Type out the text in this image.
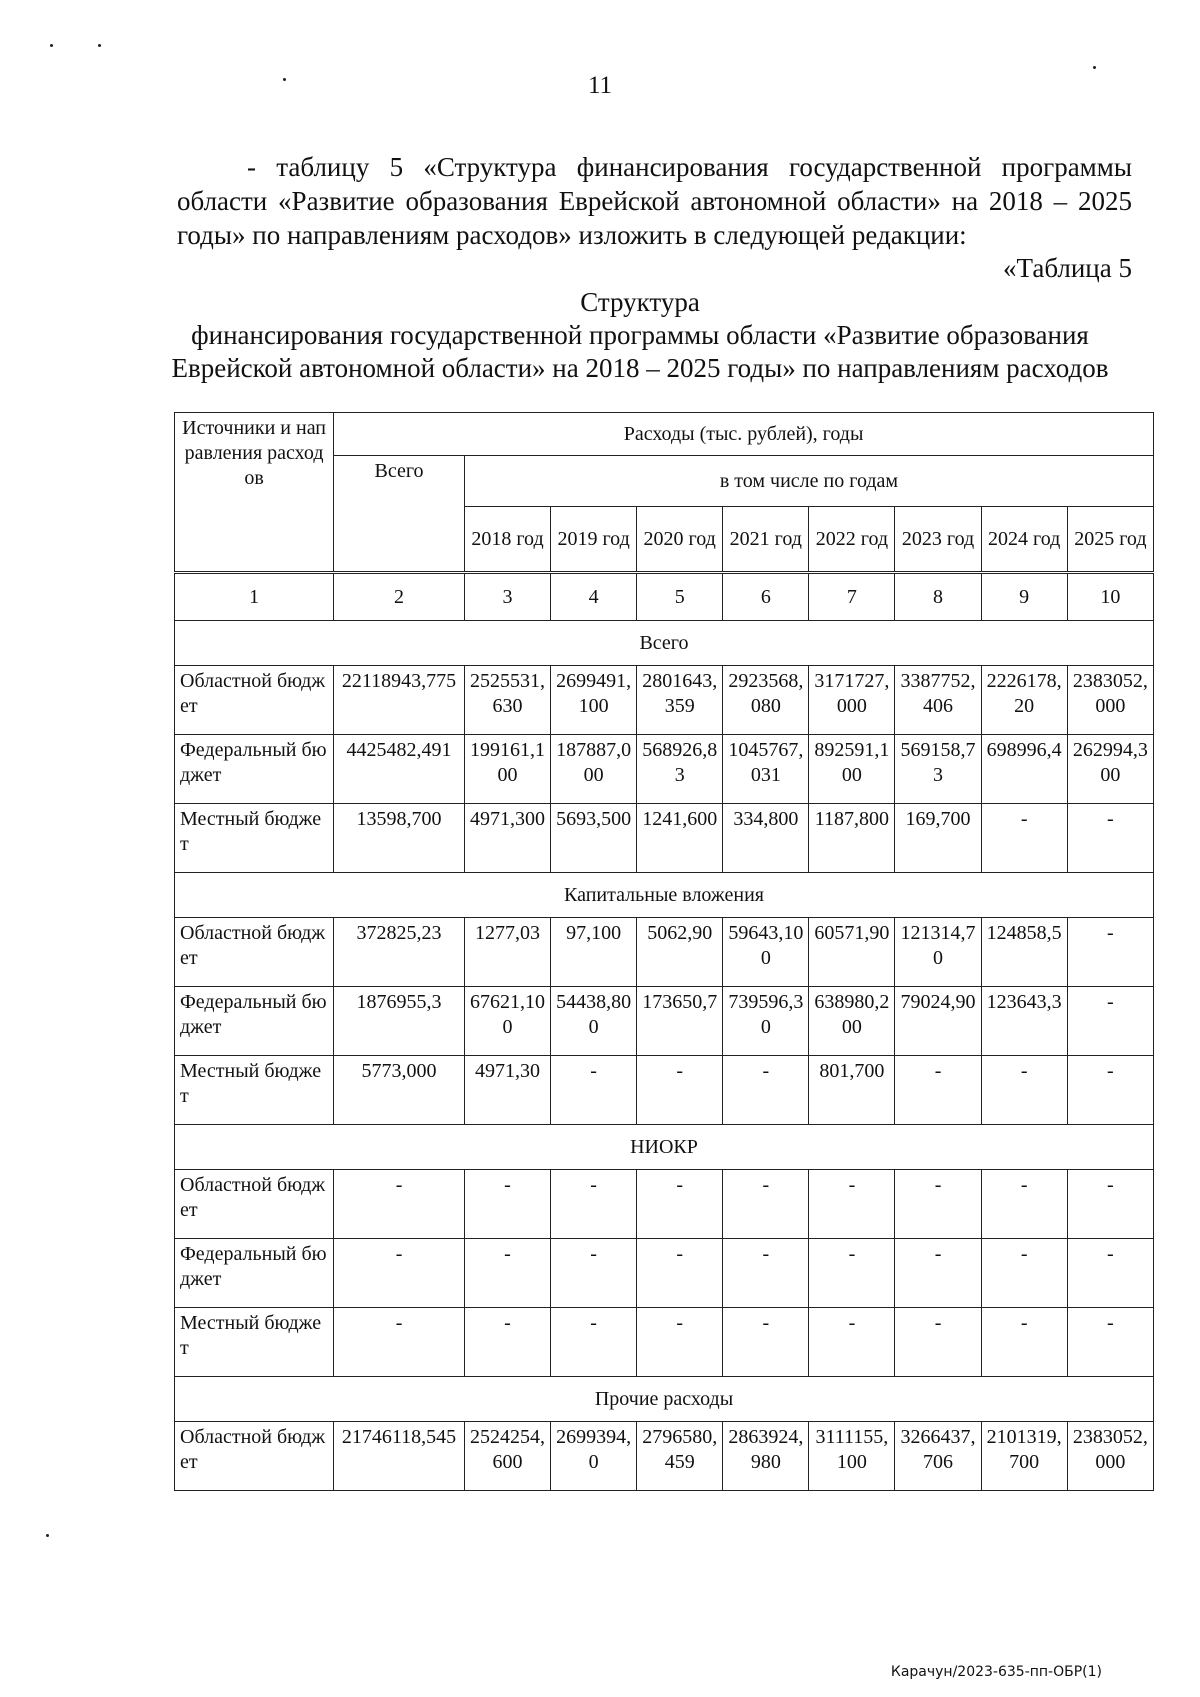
11
- таблицу 5 «Структура финансирования государственной программы области «Развитие образования Еврейской автономной области» на 2018 – 2025 годы» по направлениям расходов» изложить в следующей редакции:
«Таблица 5
Структура
финансирования государственной программы области «Развитие образования Еврейской автономной области» на 2018 – 2025 годы» по направлениям расходов
Источники и направления расходов	Расходы (тыс. рублей), годы								
	Всего	в том числе по годам							
		2018 год	2019 год	2020 год	2021 год	2022 год	2023 год	2024 год	2025 год
1	2	3	4	5	6	7	8	9	10
Всего									
Областной бюджет	22118943,775	2525531,630	2699491,100	2801643,359	2923568,080	3171727,000	3387752,406	2226178,20	2383052,000
Федеральный бюджет	4425482,491	199161,100	187887,000	568926,83	1045767,031	892591,100	569158,73	698996,4	262994,300
Местный бюджет	13598,700	4971,300	5693,500	1241,600	334,800	1187,800	169,700	-	-
Капитальные вложения									
Областной бюджет	372825,23	1277,03	97,100	5062,90	59643,100	60571,90	121314,70	124858,5	-
Федеральный бюджет	1876955,3	67621,100	54438,800	173650,7	739596,30	638980,200	79024,90	123643,3	-
Местный бюджет	5773,000	4971,30	-	-	-	801,700	-	-	-
НИОКР									
Областной бюджет	-	-	-	-	-	-	-	-	-
Федеральный бюджет	-	-	-	-	-	-	-	-	-
Местный бюджет	-	-	-	-	-	-	-	-	-
Прочие расходы									
Областной бюджет	21746118,545	2524254,600	2699394,0	2796580,459	2863924,980	3111155,100	3266437,706	2101319,700	2383052,000
Карачун/2023-635-пп-ОБР(1)
